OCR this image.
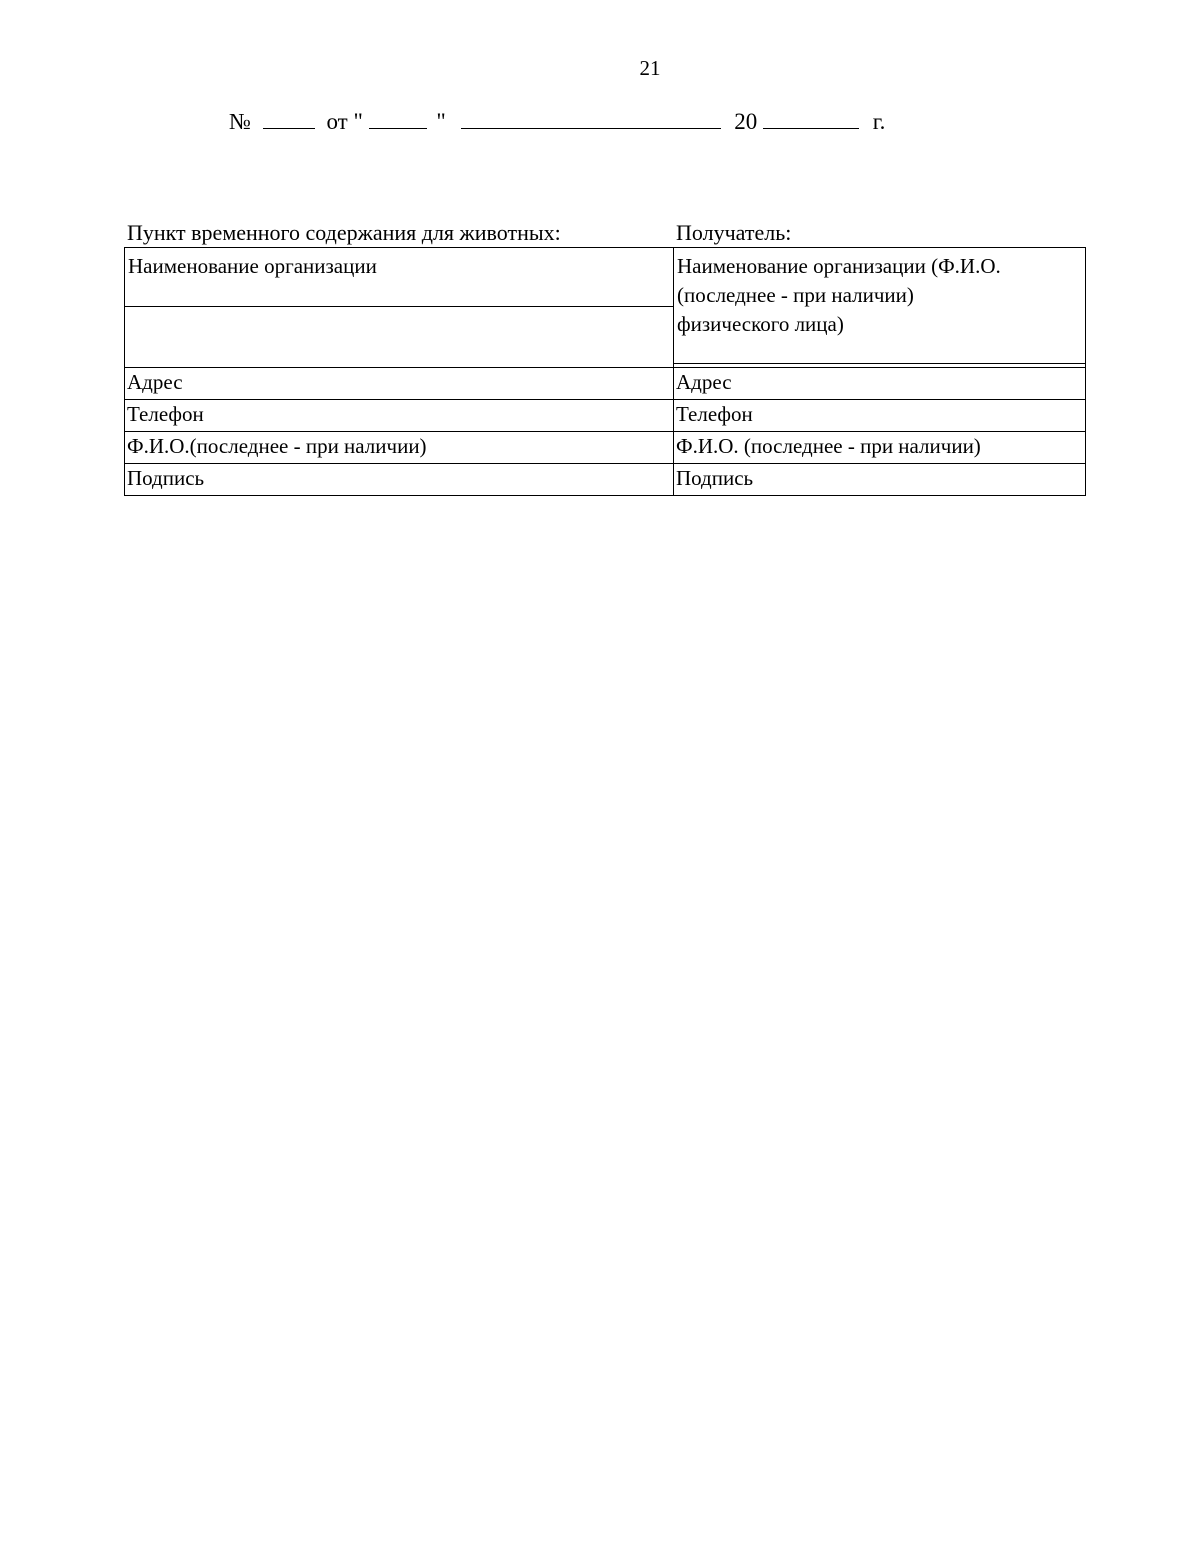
21
№	от "	"	20	г.
Пункт временного содержания для животных:	Получатель:
Наименование организации	Наименование организации (Ф.И.О.
(последнее - при наличии)
физического лица)

Адрес	Адрес
Телефон	Телефон
Ф.И.О.(последнее - при наличии)	Ф.И.О. (последнее - при наличии)
Подпись	Подпись
